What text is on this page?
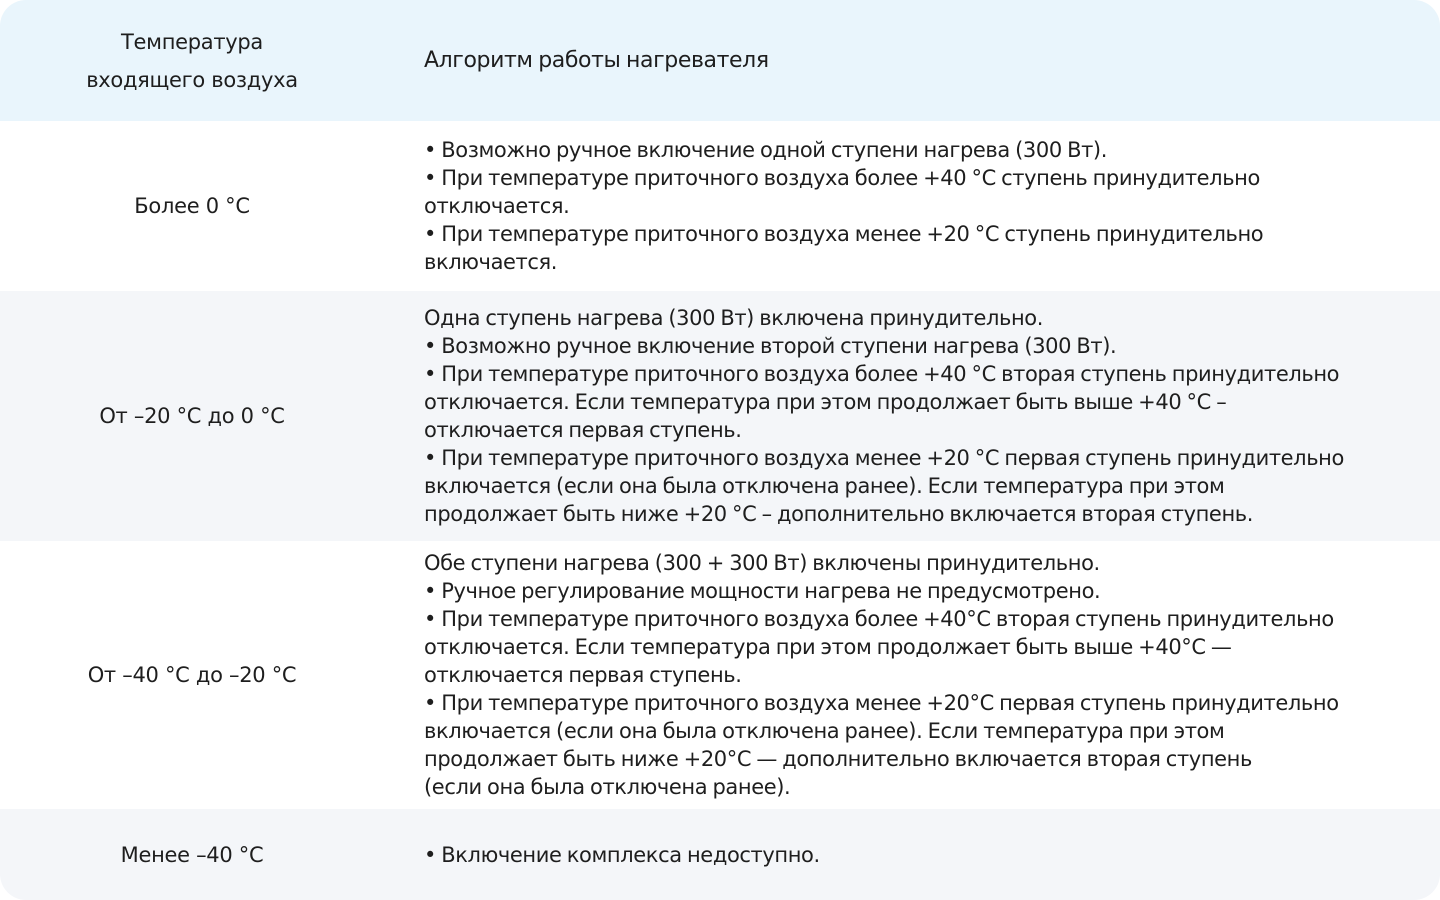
Температура
входящего воздуха
Алгоритм работы нагревателя
Более 0 °C
• Возможно ручное включение одной ступени нагрева (300 Вт).
• При температуре приточного воздуха более +40 °C ступень принудительно
отключается.
• При температуре приточного воздуха менее +20 °C ступень принудительно
включается.
От –20 °C до 0 °C
Одна ступень нагрева (300 Вт) включена принудительно.
• Возможно ручное включение второй ступени нагрева (300 Вт).
• При температуре приточного воздуха более +40 °C вторая ступень принудительно
отключается. Если температура при этом продолжает быть выше +40 °C –
отключается первая ступень.
• При температуре приточного воздуха менее +20 °C первая ступень принудительно
включается (если она была отключена ранее). Если температура при этом
продолжает быть ниже +20 °C – дополнительно включается вторая ступень.
От –40 °C до –20 °C
Обе ступени нагрева (300 + 300 Вт) включены принудительно.
• Ручное регулирование мощности нагрева не предусмотрено.
• При температуре приточного воздуха более +40°C вторая ступень принудительно
отключается. Если температура при этом продолжает быть выше +40°C —
отключается первая ступень.
• При температуре приточного воздуха менее +20°C первая ступень принудительно
включается (если она была отключена ранее). Если температура при этом
продолжает быть ниже +20°C — дополнительно включается вторая ступень
(если она была отключена ранее).
Менее –40 °C	• Включение комплекса недоступно.
